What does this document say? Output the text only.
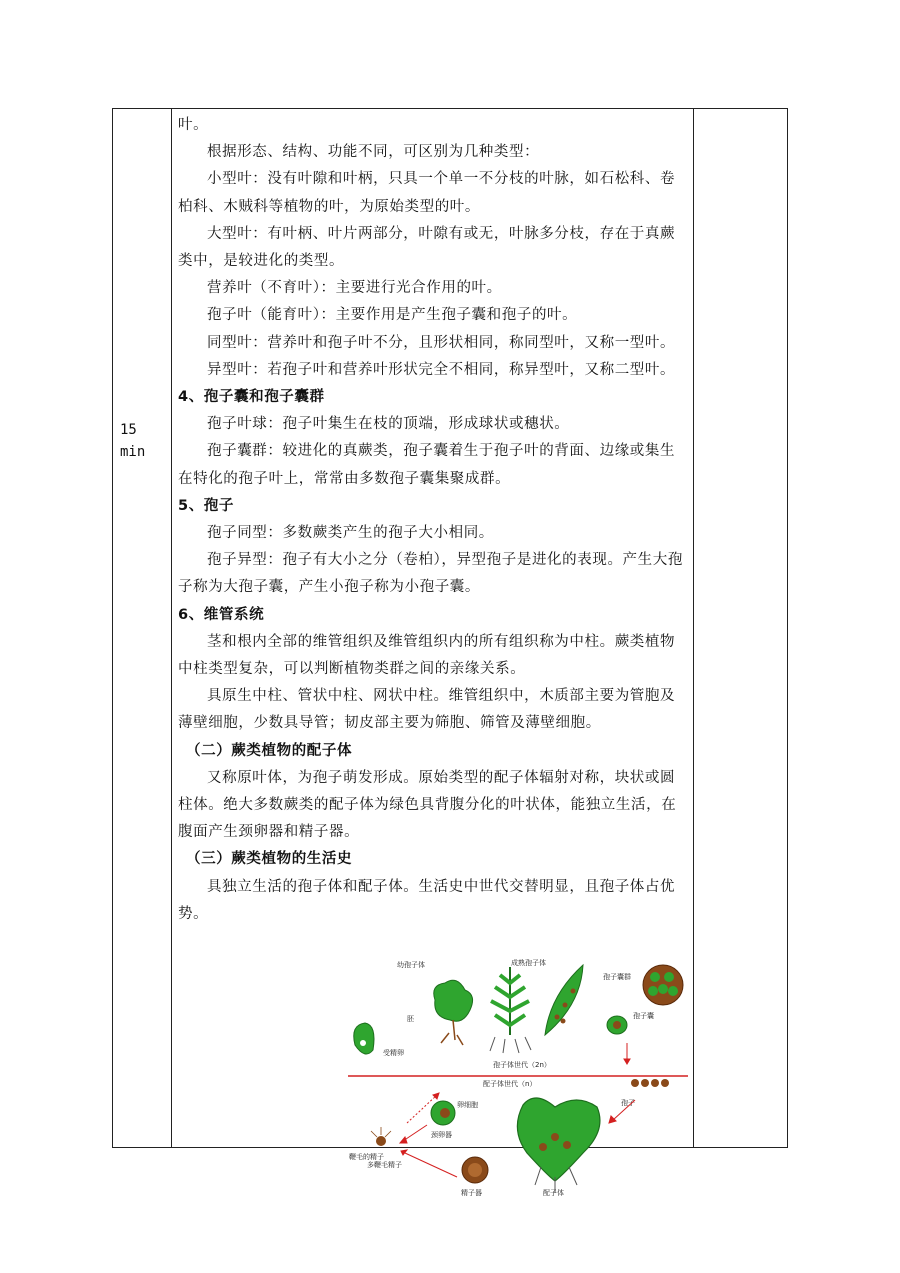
15
min

叶。

根据形态、结构、功能不同，可区别为几种类型：

小型叶：没有叶隙和叶柄，只具一个单一不分枝的叶脉，如石松科、卷柏科、木贼科等植物的叶，为原始类型的叶。

大型叶：有叶柄、叶片两部分，叶隙有或无，叶脉多分枝，存在于真蕨类中，是较进化的类型。

营养叶（不育叶）：主要进行光合作用的叶。

孢子叶（能育叶）：主要作用是产生孢子囊和孢子的叶。

同型叶：营养叶和孢子叶不分，且形状相同，称同型叶，又称一型叶。

异型叶：若孢子叶和营养叶形状完全不相同，称异型叶，又称二型叶。

4、孢子囊和孢子囊群

孢子叶球：孢子叶集生在枝的顶端，形成球状或穗状。

孢子囊群：较进化的真蕨类，孢子囊着生于孢子叶的背面、边缘或集生在特化的孢子叶上，常常由多数孢子囊集聚成群。

5、孢子

孢子同型：多数蕨类产生的孢子大小相同。

孢子异型：孢子有大小之分（卷柏），异型孢子是进化的表现。产生大孢子称为大孢子囊，产生小孢子称为小孢子囊。

6、维管系统

茎和根内全部的维管组织及维管组织内的所有组织称为中柱。蕨类植物中柱类型复杂，可以判断植物类群之间的亲缘关系。

具原生中柱、管状中柱、网状中柱。维管组织中，木质部主要为管胞及薄壁细胞，少数具导管；韧皮部主要为筛胞、筛管及薄壁细胞。

（二）蕨类植物的配子体

又称原叶体，为孢子萌发形成。原始类型的配子体辐射对称，块状或圆柱体。绝大多数蕨类的配子体为绿色具背腹分化的叶状体，能独立生活，在腹面产生颈卵器和精子器。

（三）蕨类植物的生活史

具独立生活的孢子体和配子体。生活史中世代交替明显，且孢子体占优势。

幼孢子体	成熟孢子体
孢子囊群
孢子囊
胚
受精卵
孢子体世代（2n）
配子体世代（n）
孢子
卵细胞
颈卵器
精子器	配子体
鞭毛的精子
多鞭毛精子
